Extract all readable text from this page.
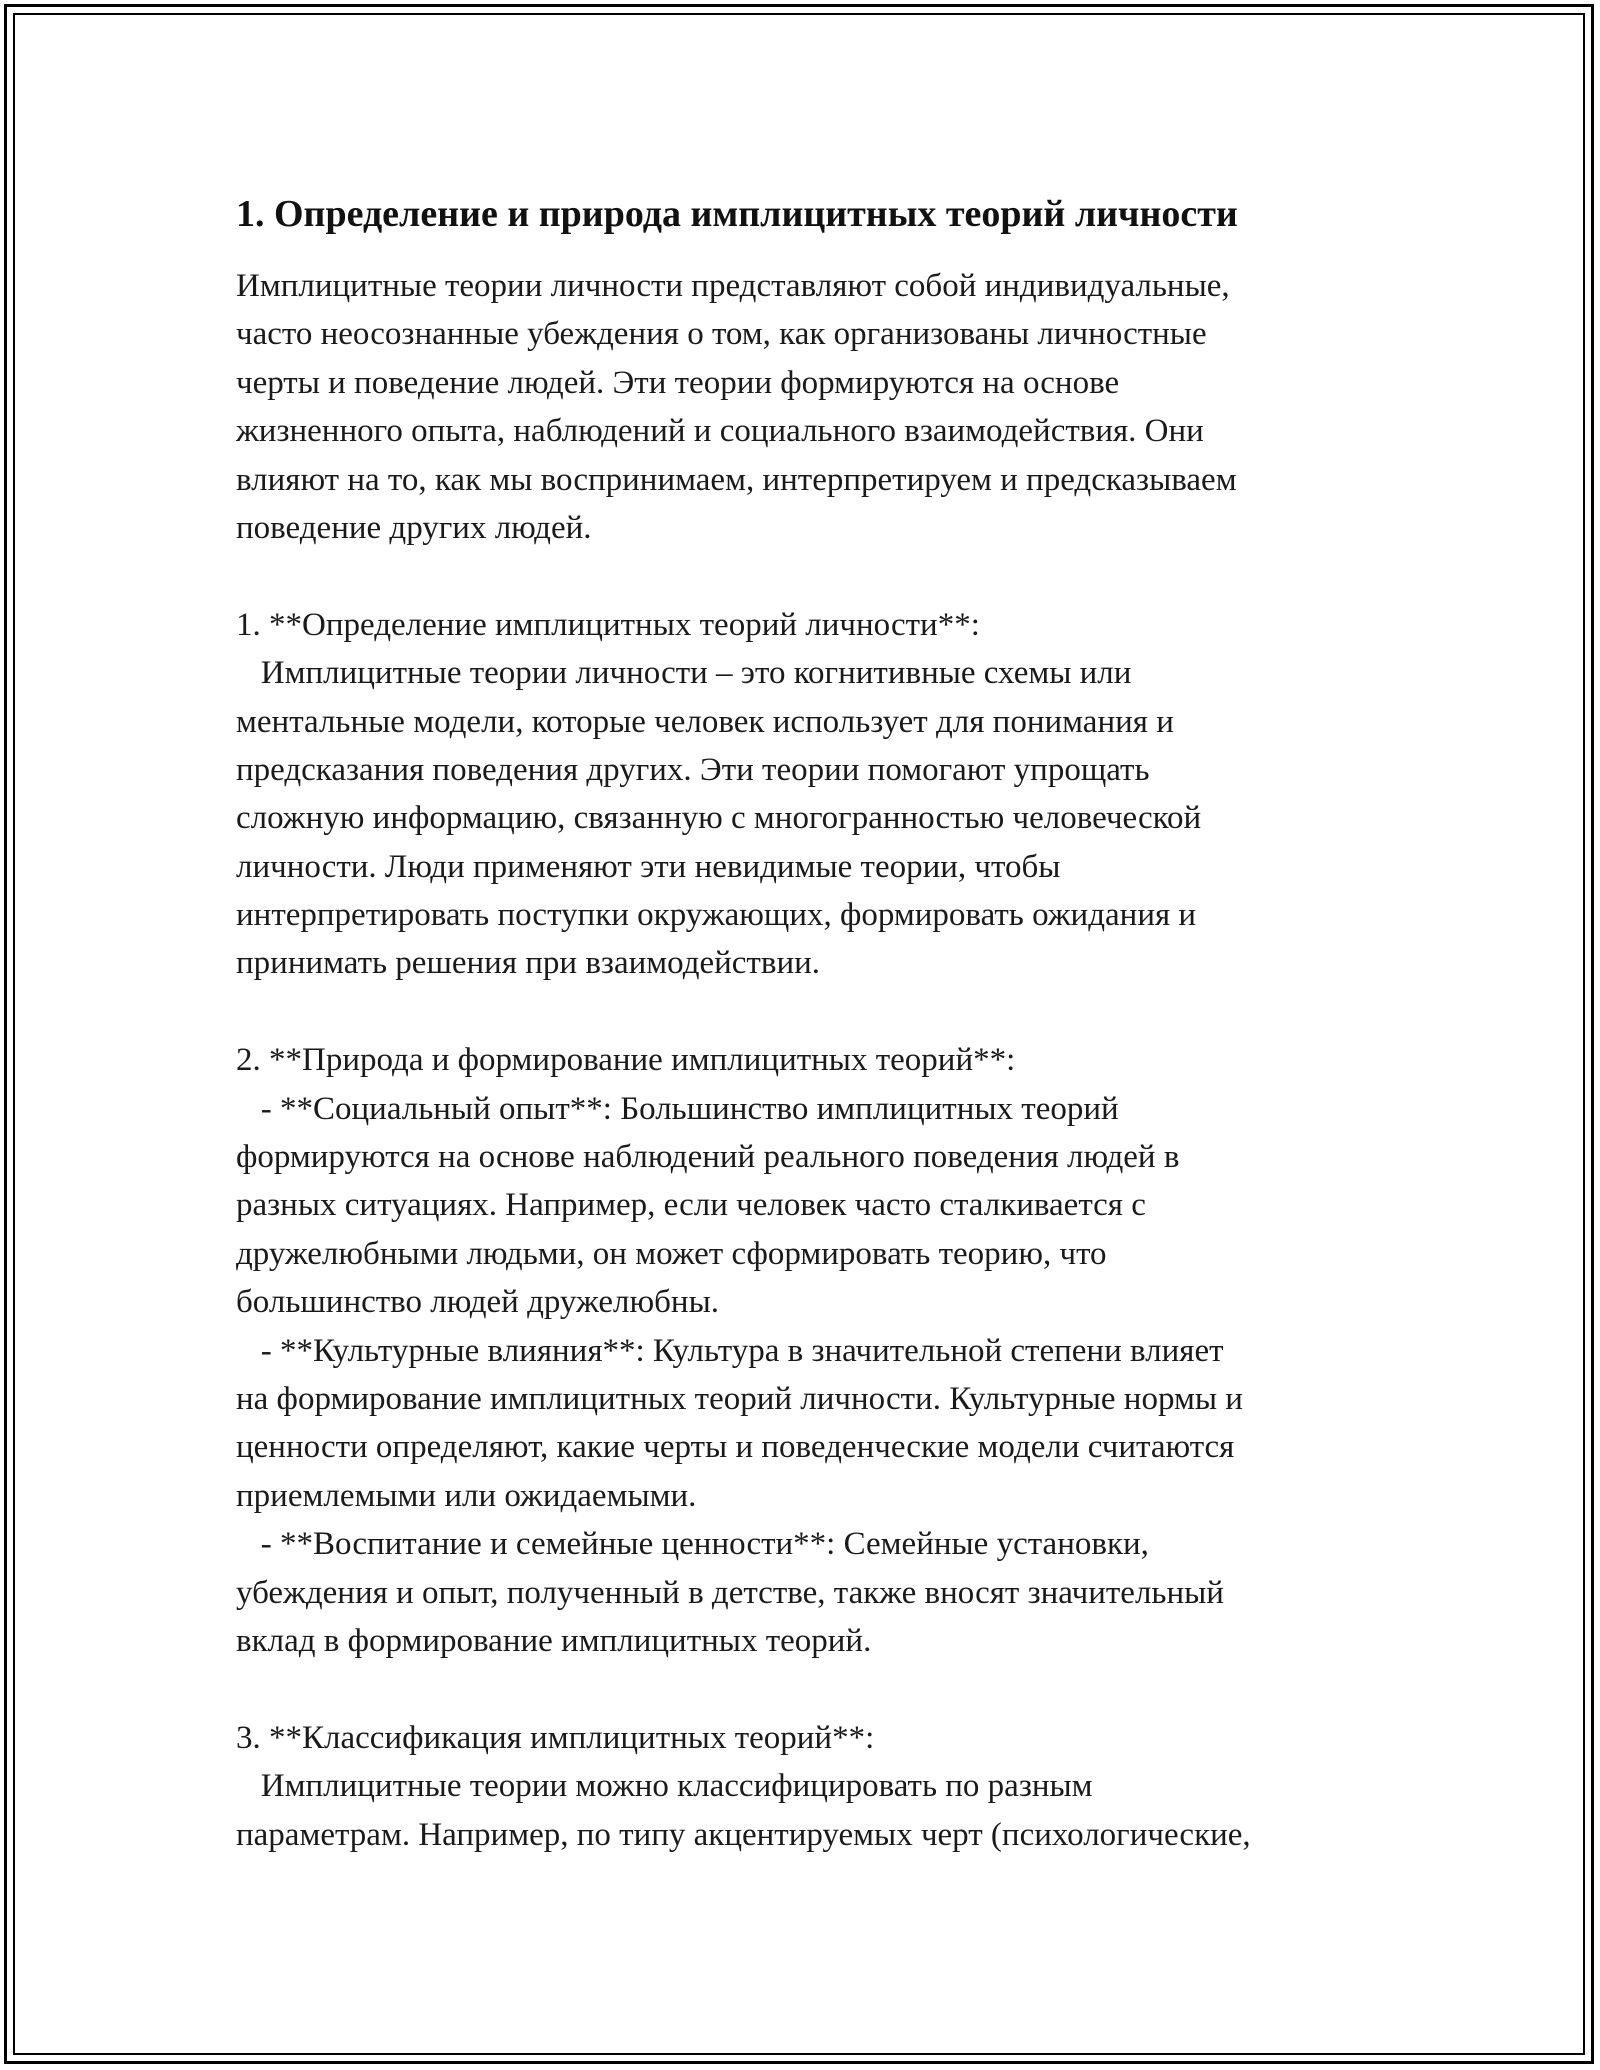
1. Определение и природа имплицитных теорий личности
Имплицитные теории личности представляют собой индивидуальные,
часто неосознанные убеждения о том, как организованы личностные
черты и поведение людей. Эти теории формируются на основе
жизненного опыта, наблюдений и социального взаимодействия. Они
влияют на то, как мы воспринимаем, интерпретируем и предсказываем
поведение других людей.
1. **Определение имплицитных теорий личности**:
Имплицитные теории личности – это когнитивные схемы или
ментальные модели, которые человек использует для понимания и
предсказания поведения других. Эти теории помогают упрощать
сложную информацию, связанную с многогранностью человеческой
личности. Люди применяют эти невидимые теории, чтобы
интерпретировать поступки окружающих, формировать ожидания и
принимать решения при взаимодействии.
2. **Природа и формирование имплицитных теорий**:
- **Социальный опыт**: Большинство имплицитных теорий
формируются на основе наблюдений реального поведения людей в
разных ситуациях. Например, если человек часто сталкивается с
дружелюбными людьми, он может сформировать теорию, что
большинство людей дружелюбны.
- **Культурные влияния**: Культура в значительной степени влияет
на формирование имплицитных теорий личности. Культурные нормы и
ценности определяют, какие черты и поведенческие модели считаются
приемлемыми или ожидаемыми.
- **Воспитание и семейные ценности**: Семейные установки,
убеждения и опыт, полученный в детстве, также вносят значительный
вклад в формирование имплицитных теорий.
3. **Классификация имплицитных теорий**:
Имплицитные теории можно классифицировать по разным
параметрам. Например, по типу акцентируемых черт (психологические,
